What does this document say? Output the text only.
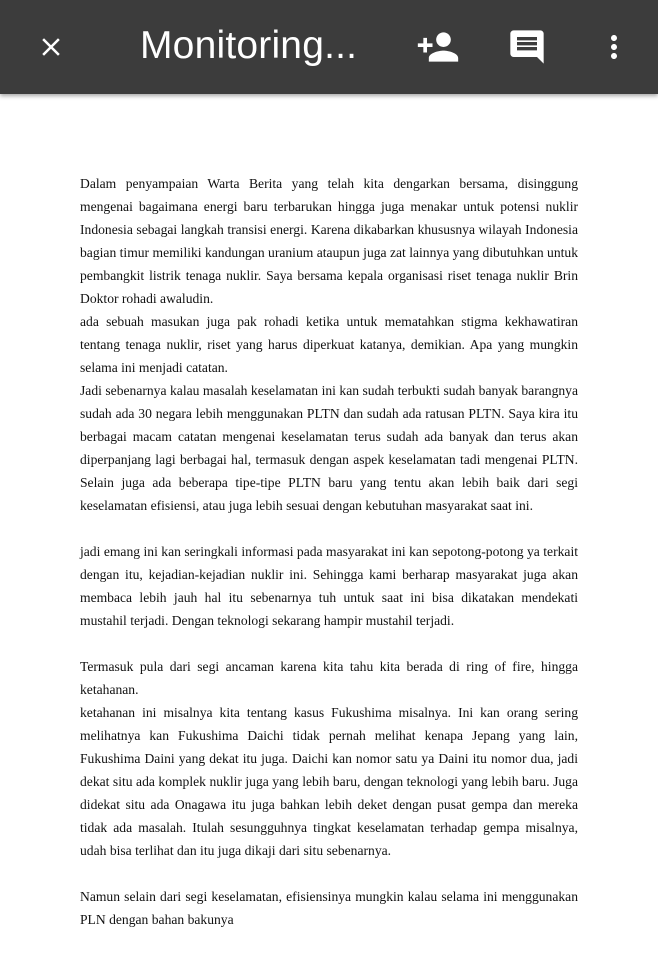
Monitoring...

Dalam penyampaian Warta Berita yang telah kita dengarkan bersama, disinggung mengenai bagaimana energi baru terbarukan hingga juga menakar untuk potensi nuklir Indonesia sebagai langkah transisi energi. Karena dikabarkan khususnya wilayah Indonesia bagian timur memiliki kandungan uranium ataupun juga zat lainnya yang dibutuhkan untuk pembangkit listrik tenaga nuklir. Saya bersama kepala organisasi riset tenaga nuklir Brin Doktor rohadi awaludin.

ada sebuah masukan juga pak rohadi ketika untuk mematahkan stigma kekhawatiran tentang tenaga nuklir, riset yang harus diperkuat katanya, demikian. Apa yang mungkin selama ini menjadi catatan.

Jadi sebenarnya kalau masalah keselamatan ini kan sudah terbukti sudah banyak barangnya sudah ada 30 negara lebih menggunakan PLTN dan sudah ada ratusan PLTN. Saya kira itu berbagai macam catatan mengenai keselamatan terus sudah ada banyak dan terus akan diperpanjang lagi berbagai hal, termasuk dengan aspek keselamatan tadi mengenai PLTN. Selain juga ada beberapa tipe-tipe PLTN baru yang tentu akan lebih baik dari segi keselamatan efisiensi, atau juga lebih sesuai dengan kebutuhan masyarakat saat ini.

jadi emang ini kan seringkali informasi pada masyarakat ini kan sepotong-potong ya terkait dengan itu, kejadian-kejadian nuklir ini. Sehingga kami berharap masyarakat juga akan membaca lebih jauh hal itu sebenarnya tuh untuk saat ini bisa dikatakan mendekati mustahil terjadi. Dengan teknologi sekarang hampir mustahil terjadi.

Termasuk pula dari segi ancaman karena kita tahu kita berada di ring of fire, hingga ketahanan.

ketahanan ini misalnya kita tentang kasus Fukushima misalnya. Ini kan orang sering melihatnya kan Fukushima Daichi tidak pernah melihat kenapa Jepang yang lain, Fukushima Daini yang dekat itu juga. Daichi kan nomor satu ya Daini itu nomor dua, jadi dekat situ ada komplek nuklir juga yang lebih baru, dengan teknologi yang lebih baru. Juga didekat situ ada Onagawa itu juga bahkan lebih deket dengan pusat gempa dan mereka tidak ada masalah. Itulah sesungguhnya tingkat keselamatan terhadap gempa misalnya, udah bisa terlihat dan itu juga dikaji dari situ sebenarnya.

Namun selain dari segi keselamatan, efisiensinya mungkin kalau selama ini menggunakan PLN dengan bahan bakunya
